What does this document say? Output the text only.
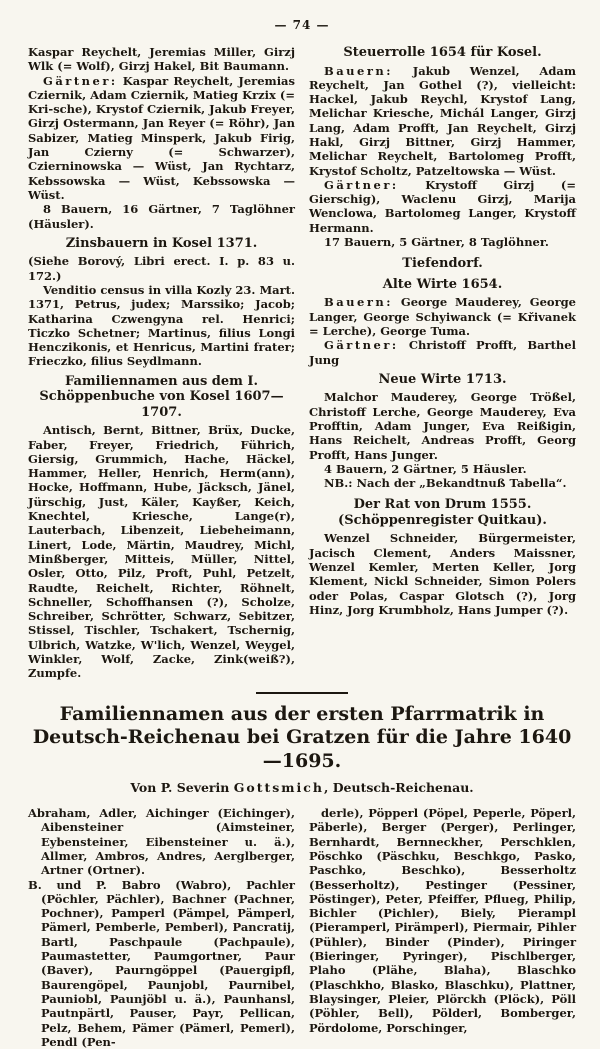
— 74 —

Kaspar Reychelt, Jeremias Miller, Girzj Wlk (= Wolf), Girzj Hakel, Bit Baumann.

Gärtner: Kaspar Reychelt, Jeremias Cziernik, Adam Cziernik, Matieg Krzix (= Kri-sche), Krystof Cziernik, Jakub Freyer, Girzj Ostermann, Jan Reyer (= Röhr), Jan Sabizer, Matieg Minsperk, Jakub Firig, Jan Czierny (= Schwarzer), Czierninowska — Wüst, Jan Rychtarz, Kebssowska — Wüst, Kebssowska — Wüst.

8 Bauern, 16 Gärtner, 7 Taglöhner (Häusler).

Zinsbauern in Kosel 1371.

(Siehe Borový, Libri erect. I. p. 83 u. 172.)

Venditio census in villa Kozly 23. Mart. 1371, Petrus, judex; Marssiko; Jacob; Katharina Czwengyna rel. Henrici; Ticzko Schetner; Martinus, filius Longi Henczikonis, et Henricus, Martini frater; Frieczko, filius Seydlmann.

Familiennamen aus dem I. Schöppenbuche von Kosel 1607—1707.

Antisch, Bernt, Bittner, Brüx, Ducke, Faber, Freyer, Friedrich, Führich, Giersig, Grummich, Hache, Häckel, Hammer, Heller, Henrich, Herm(ann), Hocke, Hoffmann, Hube, Jäcksch, Jänel, Jürschig, Just, Käler, Kayßer, Keich, Knechtel, Kriesche, Lange(r), Lauterbach, Libenzeit, Liebeheimann, Linert, Lode, Märtin, Maudrey, Michl, Minßberger, Mitteis, Müller, Nittel, Osler, Otto, Pilz, Proft, Puhl, Petzelt, Raudte, Reichelt, Richter, Röhnelt, Schneller, Schoffhansen (?), Scholze, Schreiber, Schrötter, Schwarz, Sebitzer, Stissel, Tischler, Tschakert, Tschernig, Ulbrich, Watzke, W'lich, Wenzel, Weygel, Winkler, Wolf, Zacke, Zink(weiß?), Zumpfe.

Steuerrolle 1654 für Kosel.

Bauern: Jakub Wenzel, Adam Reychelt, Jan Gothel (?), vielleicht: Hackel, Jakub Reychl, Krystof Lang, Melichar Kriesche, Michál Langer, Girzj Lang, Adam Profft, Jan Reychelt, Girzj Hakl, Girzj Bittner, Girzj Hammer, Melichar Reychelt, Bartolomeg Profft, Krystof Scholtz, Patzeltowska — Wüst.

Gärtner: Krystoff Girzj (= Gierschig), Waclenu Girzj, Marija Wenclowa, Bartolomeg Langer, Krystoff Hermann.

17 Bauern, 5 Gärtner, 8 Taglöhner.

Tiefendorf.
Alte Wirte 1654.

Bauern: George Mauderey, George Langer, George Schyiwanck (= Křivanek = Lerche), George Tuma.

Gärtner: Christoff Profft, Barthel Jung

Neue Wirte 1713.

Malchor Mauderey, George Trößel, Christoff Lerche, George Mauderey, Eva Profftin, Adam Junger, Eva Reißigin, Hans Reichelt, Andreas Profft, Georg Profft, Hans Junger.

4 Bauern, 2 Gärtner, 5 Häusler.

NB.: Nach der „Bekandtnuß Tabella“.

Der Rat von Drum 1555. (Schöppenregister Quitkau).

Wenzel Schneider, Bürgermeister, Jacisch Clement, Anders Maissner, Wenzel Kemler, Merten Keller, Jorg Klement, Nickl Schneider, Simon Polers oder Polas, Caspar Glotsch (?), Jorg Hinz, Jorg Krumbholz, Hans Jumper (?).

Familiennamen aus der ersten Pfarrmatrik in Deutsch-Reichenau bei Gratzen für die Jahre 1640—1695.
Von P. Severin Gottsmich, Deutsch-Reichenau.

Abraham, Adler, Aichinger (Eichinger), Aibensteiner (Aimsteiner, Eybensteiner, Eibensteiner u. ä.), Allmer, Ambros, Andres, Aerglberger, Artner (Ortner).

B. und P. Babro (Wabro), Pachler (Pöchler, Pächler), Bachner (Pachner, Pochner), Pamperl (Pämpel, Pämperl, Pämerl, Pemberle, Pemberl), Pancratij, Bartl, Paschpaule (Pachpaule), Paumastetter, Paumgortner, Paur (Baver), Paurngöppel (Pauergipfl, Baurengöpel, Paunjobl, Paurnibel, Pauniobl, Paunjöbl u. ä.), Paunhansl, Pautnpärtl, Pauser, Payr, Pellican, Pelz, Behem, Pämer (Pämerl, Pemerl), Pendl (Pen-

derle), Pöpperl (Pöpel, Peperle, Pöperl, Päberle), Berger (Perger), Perlinger, Bernhardt, Bernneckher, Perschklen, Pöschko (Päschku, Beschkgo, Pasko, Paschko, Beschko), Besserholtz (Besserholtz), Pestinger (Pessiner, Pöstinger), Peter, Pfeiffer, Pflueg, Philip, Bichler (Pichler), Biely, Pierampl (Pieramperl, Pirämperl), Piermair, Pihler (Pühler), Binder (Pinder), Piringer (Bieringer, Pyringer), Pischlberger, Plaho (Plähe, Blaha), Blaschko (Plaschkho, Blasko, Blaschku), Plattner, Blaysinger, Pleier, Plörckh (Plöck), Pöll (Pöhler, Bell), Pölderl, Bomberger, Pördolome, Porschinger,
